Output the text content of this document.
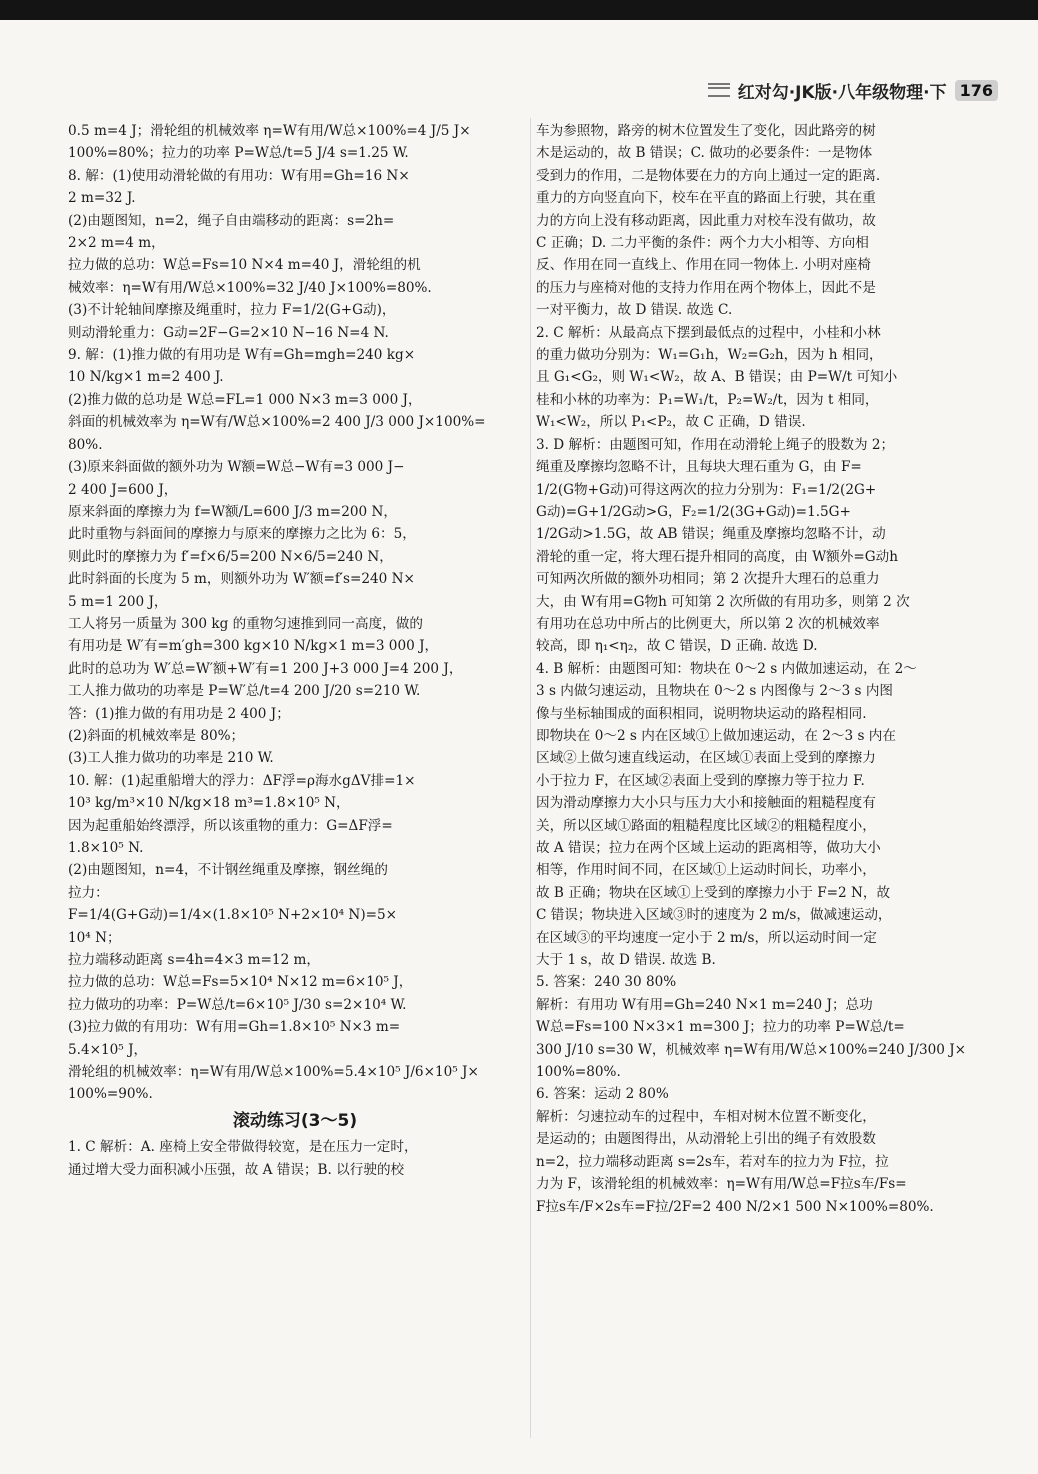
红对勾·JK版·八年级物理·下 176
0.5 m=4 J；滑轮组的机械效率 η=W有用/W总×100%=4 J/5 J×
100%=80%；拉力的功率 P=W总/t=5 J/4 s=1.25 W.
8. 解：(1)使用动滑轮做的有用功：W有用=Gh=16 N×
2 m=32 J.
(2)由题图知，n=2，绳子自由端移动的距离：s=2h=
2×2 m=4 m，
拉力做的总功：W总=Fs=10 N×4 m=40 J，滑轮组的机
械效率：η=W有用/W总×100%=32 J/40 J×100%=80%.
(3)不计轮轴间摩擦及绳重时，拉力 F=1/2(G+G动)，
则动滑轮重力：G动=2F−G=2×10 N−16 N=4 N.
9. 解：(1)推力做的有用功是 W有=Gh=mgh=240 kg×
10 N/kg×1 m=2 400 J.
(2)推力做的总功是 W总=FL=1 000 N×3 m=3 000 J，
斜面的机械效率为 η=W有/W总×100%=2 400 J/3 000 J×100%=
80%.
(3)原来斜面做的额外功为 W额=W总−W有=3 000 J−
2 400 J=600 J，
原来斜面的摩擦力为 f=W额/L=600 J/3 m=200 N，
此时重物与斜面间的摩擦力与原来的摩擦力之比为 6：5，
则此时的摩擦力为 f′=f×6/5=200 N×6/5=240 N，
此时斜面的长度为 5 m，则额外功为 W′额=f′s=240 N×
5 m=1 200 J，
工人将另一质量为 300 kg 的重物匀速推到同一高度，做的
有用功是 W′有=m′gh=300 kg×10 N/kg×1 m=3 000 J，
此时的总功为 W′总=W′额+W′有=1 200 J+3 000 J=4 200 J，
工人推力做功的功率是 P=W′总/t=4 200 J/20 s=210 W.
答：(1)推力做的有用功是 2 400 J；
(2)斜面的机械效率是 80%；
(3)工人推力做功的功率是 210 W.
10. 解：(1)起重船增大的浮力：ΔF浮=ρ海水gΔV排=1×
10³ kg/m³×10 N/kg×18 m³=1.8×10⁵ N，
因为起重船始终漂浮，所以该重物的重力：G=ΔF浮=
1.8×10⁵ N.
(2)由题图知，n=4，不计钢丝绳重及摩擦，钢丝绳的
拉力：
F=1/4(G+G动)=1/4×(1.8×10⁵ N+2×10⁴ N)=5×
10⁴ N；
拉力端移动距离 s=4h=4×3 m=12 m，
拉力做的总功：W总=Fs=5×10⁴ N×12 m=6×10⁵ J，
拉力做功的功率：P=W总/t=6×10⁵ J/30 s=2×10⁴ W.
(3)拉力做的有用功：W有用=Gh=1.8×10⁵ N×3 m=
5.4×10⁵ J，
滑轮组的机械效率：η=W有用/W总×100%=5.4×10⁵ J/6×10⁵ J×
100%=90%.
滚动练习(3～5)
1. C 解析：A. 座椅上安全带做得较宽，是在压力一定时，
通过增大受力面积减小压强，故 A 错误；B. 以行驶的校
车为参照物，路旁的树木位置发生了变化，因此路旁的树
木是运动的，故 B 错误；C. 做功的必要条件：一是物体
受到力的作用，二是物体要在力的方向上通过一定的距离.
重力的方向竖直向下，校车在平直的路面上行驶，其在重
力的方向上没有移动距离，因此重力对校车没有做功，故
C 正确；D. 二力平衡的条件：两个力大小相等、方向相
反、作用在同一直线上、作用在同一物体上. 小明对座椅
的压力与座椅对他的支持力作用在两个物体上，因此不是
一对平衡力，故 D 错误. 故选 C.
2. C 解析：从最高点下摆到最低点的过程中，小桂和小林
的重力做功分别为：W₁=G₁h，W₂=G₂h，因为 h 相同，
且 G₁<G₂，则 W₁<W₂，故 A、B 错误；由 P=W/t 可知小
桂和小林的功率为：P₁=W₁/t，P₂=W₂/t，因为 t 相同，
W₁<W₂，所以 P₁<P₂，故 C 正确，D 错误.
3. D 解析：由题图可知，作用在动滑轮上绳子的股数为 2；
绳重及摩擦均忽略不计，且每块大理石重为 G，由 F=
1/2(G物+G动)可得这两次的拉力分别为：F₁=1/2(2G+
G动)=G+1/2G动>G，F₂=1/2(3G+G动)=1.5G+
1/2G动>1.5G，故 AB 错误；绳重及摩擦均忽略不计，动
滑轮的重一定，将大理石提升相同的高度，由 W额外=G动h
可知两次所做的额外功相同；第 2 次提升大理石的总重力
大，由 W有用=G物h 可知第 2 次所做的有用功多，则第 2 次
有用功在总功中所占的比例更大，所以第 2 次的机械效率
较高，即 η₁<η₂，故 C 错误，D 正确. 故选 D.
4. B 解析：由题图可知：物块在 0～2 s 内做加速运动，在 2～
3 s 内做匀速运动，且物块在 0～2 s 内图像与 2～3 s 内图
像与坐标轴围成的面积相同，说明物块运动的路程相同.
即物块在 0～2 s 内在区域①上做加速运动，在 2～3 s 内在
区域②上做匀速直线运动，在区域①表面上受到的摩擦力
小于拉力 F，在区域②表面上受到的摩擦力等于拉力 F.
因为滑动摩擦力大小只与压力大小和接触面的粗糙程度有
关，所以区域①路面的粗糙程度比区域②的粗糙程度小，
故 A 错误；拉力在两个区域上运动的距离相等，做功大小
相等，作用时间不同，在区域①上运动时间长，功率小，
故 B 正确；物块在区域①上受到的摩擦力小于 F=2 N，故
C 错误；物块进入区域③时的速度为 2 m/s，做减速运动，
在区域③的平均速度一定小于 2 m/s，所以运动时间一定
大于 1 s，故 D 错误. 故选 B.
5. 答案：240 30 80%
解析：有用功 W有用=Gh=240 N×1 m=240 J；总功
W总=Fs=100 N×3×1 m=300 J；拉力的功率 P=W总/t=
300 J/10 s=30 W，机械效率 η=W有用/W总×100%=240 J/300 J×
100%=80%.
6. 答案：运动 2 80%
解析：匀速拉动车的过程中，车相对树木位置不断变化，
是运动的；由题图得出，从动滑轮上引出的绳子有效股数
n=2，拉力端移动距离 s=2s车，若对车的拉力为 F拉，拉
力为 F，该滑轮组的机械效率：η=W有用/W总=F拉s车/Fs=
F拉s车/F×2s车=F拉/2F=2 400 N/2×1 500 N×100%=80%.
